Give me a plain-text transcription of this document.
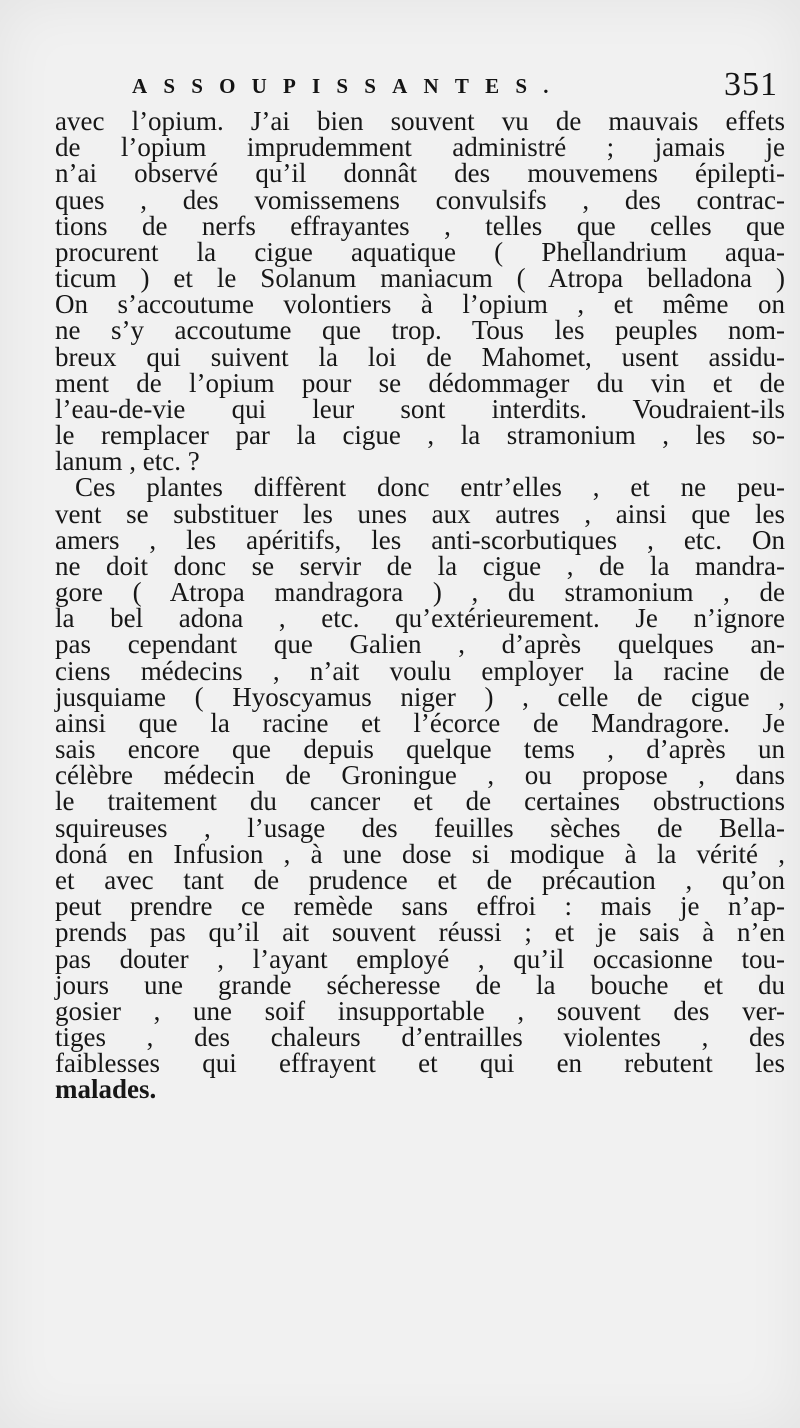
ASSOUPISSANTES.	351
avec l’opium. J’ai bien souvent vu de mauvais effets
de l’opium imprudemment administré ; jamais je
n’ai observé qu’il donnât des mouvemens épilepti-
ques , des vomissemens convulsifs , des contrac-
tions de nerfs effrayantes , telles que celles que
procurent la cigue aquatique ( Phellandrium aqua-
ticum ) et le Solanum maniacum ( Atropa belladona )
On s’accoutume volontiers à l’opium , et même on
ne s’y accoutume que trop. Tous les peuples nom-
breux qui suivent la loi de Mahomet, usent assidu-
ment de l’opium pour se dédommager du vin et de
l’eau-de-vie qui leur sont interdits. Voudraient-ils
le remplacer par la cigue , la stramonium , les so-
lanum , etc. ?
Ces plantes diffèrent donc entr’elles , et ne peu-
vent se substituer les unes aux autres , ainsi que les
amers , les apéritifs, les anti-scorbutiques , etc. On
ne doit donc se servir de la cigue , de la mandra-
gore ( Atropa mandragora ) , du stramonium , de
la bel adona , etc. qu’extérieurement. Je n’ignore
pas cependant que Galien , d’après quelques an-
ciens médecins , n’ait voulu employer la racine de
jusquiame ( Hyoscyamus niger ) , celle de cigue ,
ainsi que la racine et l’écorce de Mandragore. Je
sais encore que depuis quelque tems , d’après un
célèbre médecin de Groningue , ou propose , dans
le traitement du cancer et de certaines obstructions
squireuses , l’usage des feuilles sèches de Bella-
doná en Infusion , à une dose si modique à la vérité ,
et avec tant de prudence et de précaution , qu’on
peut prendre ce remède sans effroi : mais je n’ap-
prends pas qu’il ait souvent réussi ; et je sais à n’en
pas douter , l’ayant employé , qu’il occasionne tou-
jours une grande sécheresse de la bouche et du
gosier , une soif insupportable , souvent des ver-
tiges , des chaleurs d’entrailles violentes , des
faiblesses qui effrayent et qui en rebutent les
malades.
